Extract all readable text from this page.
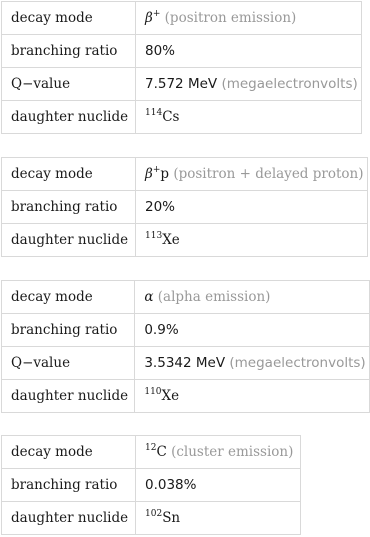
decay mode	β+ (positron emission)
branching ratio	80%
Q−value	7.572 MeV (megaelectronvolts)
daughter nuclide	$^{114}$Cs
decay mode	β+p (positron + delayed proton)
branching ratio	20%
daughter nuclide	$^{113}$Xe
decay mode	α (alpha emission)
branching ratio	0.9%
Q−value	3.5342 MeV (megaelectronvolts)
daughter nuclide	$^{110}$Xe
decay mode	$^{12}$C (cluster emission)
branching ratio	0.038%
daughter nuclide	$^{102}$Sn
